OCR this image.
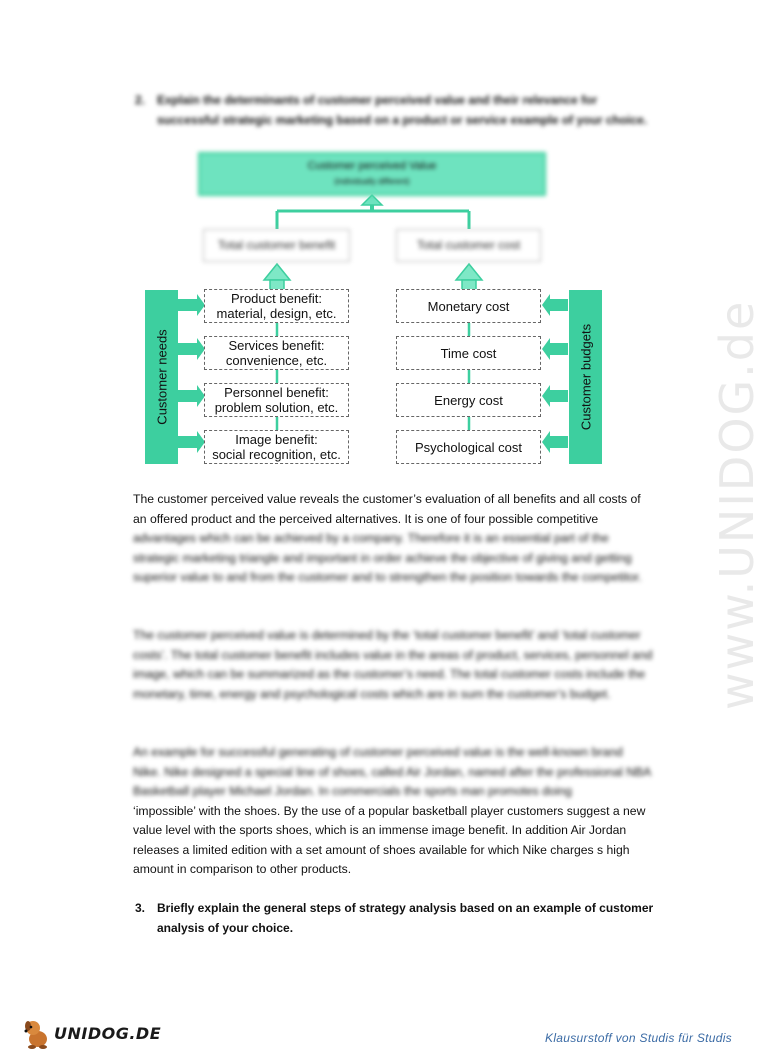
2. Explain the determinants of customer perceived value and their relevance for successful strategic marketing based on a product or service example of your choice.
Customer perceived Value
(individually different)
Total customer benefit	Total customer cost
Customer needs	Customer budgets
Product benefit:
material, design, etc.
Services benefit:
convenience, etc.
Personnel benefit:
problem solution, etc.
Image benefit:
social recognition, etc.
Monetary cost
Time cost
Energy cost
Psychological cost

The customer perceived value reveals the customer’s evaluation of all benefits and all costs of an offered product and the perceived alternatives. It is one of four possible competitive
advantages which can be achieved by a company. Therefore it is an essential part of the strategic marketing triangle and important in order achieve the objective of giving and getting superior value to and from the customer and to strengthen the position towards the competitor.

The customer perceived value is determined by the ‘total customer benefit’ and ‘total customer costs’. The total customer benefit includes value in the areas of product, services, personnel and image, which can be summarized as the customer’s need. The total customer costs include the monetary, time, energy and psychological costs which are in sum the customer’s budget.

An example for successful generating of customer perceived value is the well-known brand Nike. Nike designed a special line of shoes, called Air Jordan, named after the professional NBA Basketball player Michael Jordan. In commercials the sports man promotes doing
‘impossible’ with the shoes. By the use of a popular basketball player customers suggest a new value level with the sports shoes, which is an immense image benefit. In addition Air Jordan releases a limited edition with a set amount of shoes available for which Nike charges s high amount in comparison to other products.

3. Briefly explain the general steps of strategy analysis based on an example of customer analysis of your choice.
www.UNIDOG.de
UNIDOG.DE	Klausurstoff von Studis für Studis
